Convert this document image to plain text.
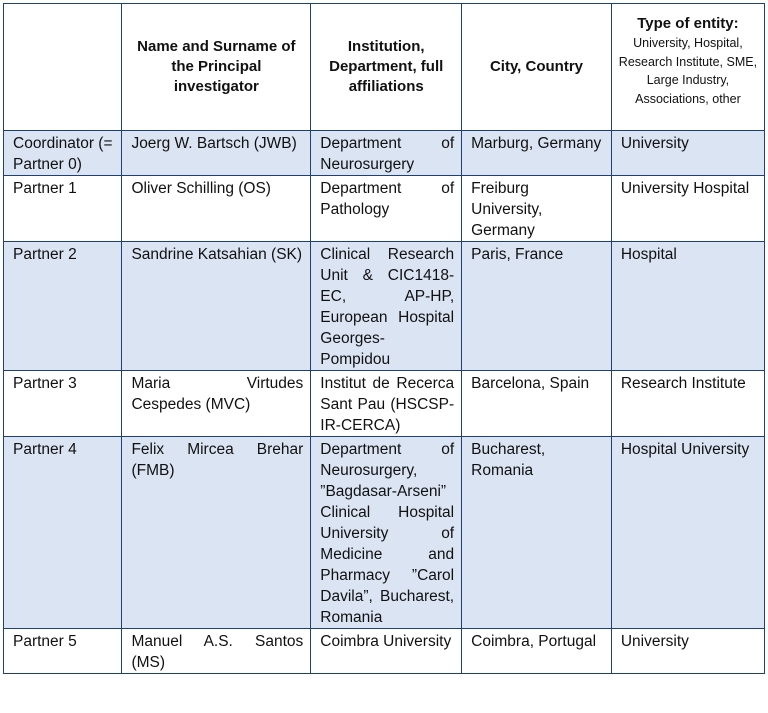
	Name and Surname of the Principal investigator	Institution, Department, full affiliations	City, Country	Type of entity:
University, Hospital, Research Institute, SME, Large Industry, Associations, other

Coordinator (= Partner 0)	Joerg W. Bartsch (JWB)	Department of Neurosurgery	Marburg, Germany	University
Partner 1	Oliver Schilling (OS)	Department of Pathology	Freiburg University, Germany	University Hospital
Partner 2	Sandrine Katsahian (SK)	Clinical Research Unit & CIC1418-EC, AP-HP, European Hospital Georges-Pompidou	Paris, France	Hospital
Partner 3	Maria Virtudes Cespedes (MVC)	Institut de Recerca Sant Pau (HSCSP-IR-CERCA)	Barcelona, Spain	Research Institute
Partner 4	Felix Mircea Brehar (FMB)	Department of Neurosurgery, ”Bagdasar-Arseni” Clinical Hospital University of Medicine and Pharmacy ”Carol Davila”, Bucharest, Romania	Bucharest, Romania	Hospital University
Partner 5	Manuel A.S. Santos (MS)	Coimbra University	Coimbra, Portugal	University
